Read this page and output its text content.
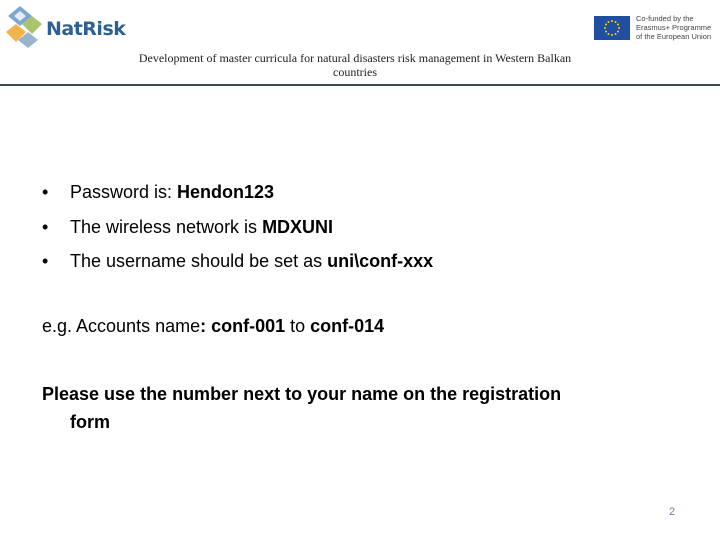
NatRisk	Co-funded by the
Erasmus+ Programme
of the European Union
Development of master curricula for natural disasters risk management in Western Balkan
countries
• Password is: Hendon123
• The wireless network is MDXUNI
• The username should be set as uni\conf-xxx
e.g. Accounts name: conf-001 to conf-014
Please use the number next to your name on the registration
form
2
